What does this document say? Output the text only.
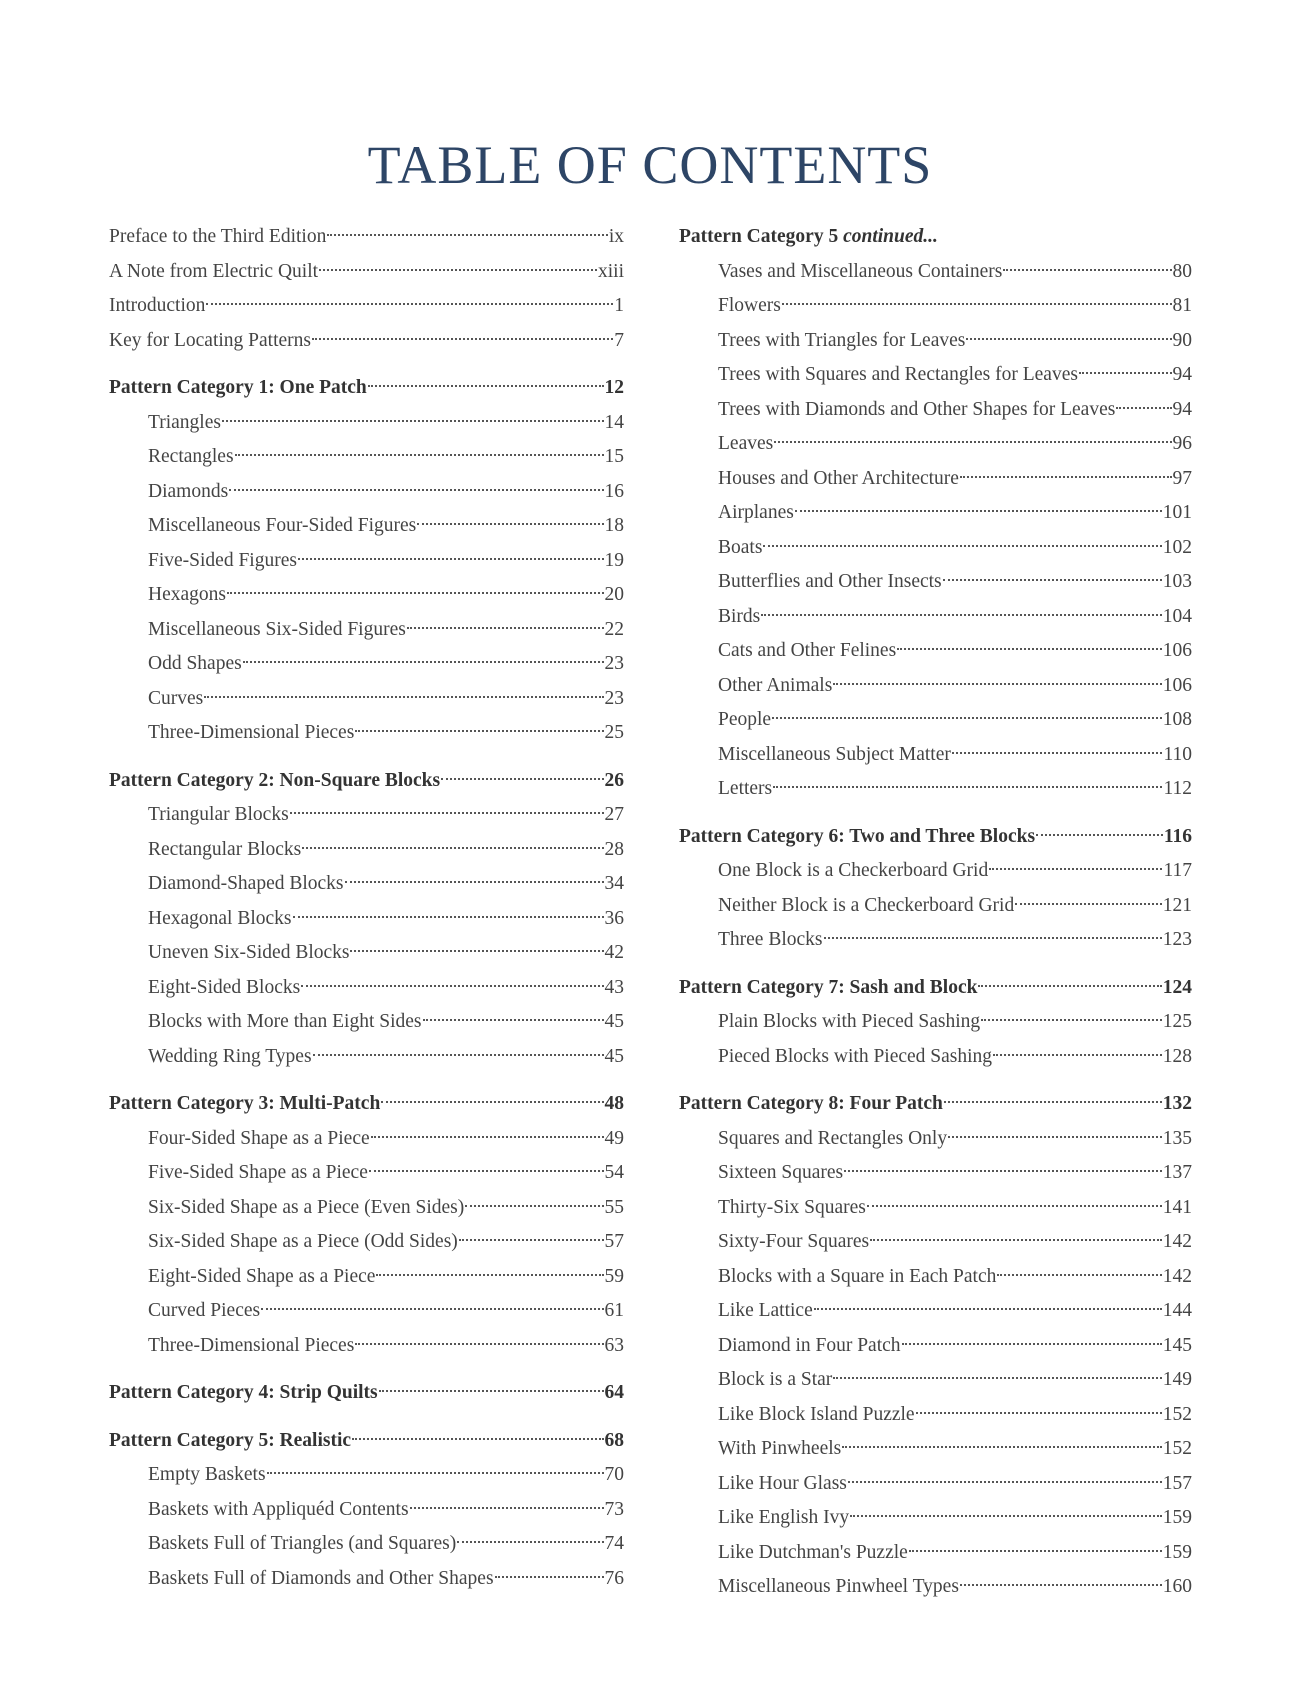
TABLE OF CONTENTS
Preface to the Third Edition	ix
A Note from Electric Quilt	xiii
Introduction	1
Key for Locating Patterns	7
Pattern Category 1: One Patch	12
Triangles	14
Rectangles	15
Diamonds	16
Miscellaneous Four-Sided Figures	18
Five-Sided Figures	19
Hexagons	20
Miscellaneous Six-Sided Figures	22
Odd Shapes	23
Curves	23
Three-Dimensional Pieces	25
Pattern Category 2: Non-Square Blocks	26
Triangular Blocks	27
Rectangular Blocks	28
Diamond-Shaped Blocks	34
Hexagonal Blocks	36
Uneven Six-Sided Blocks	42
Eight-Sided Blocks	43
Blocks with More than Eight Sides	45
Wedding Ring Types	45
Pattern Category 3: Multi-Patch	48
Four-Sided Shape as a Piece	49
Five-Sided Shape as a Piece	54
Six-Sided Shape as a Piece (Even Sides)	55
Six-Sided Shape as a Piece (Odd Sides)	57
Eight-Sided Shape as a Piece	59
Curved Pieces	61
Three-Dimensional Pieces	63
Pattern Category 4: Strip Quilts	64
Pattern Category 5: Realistic	68
Empty Baskets	70
Baskets with Appliquéd Contents	73
Baskets Full of Triangles (and Squares)	74
Baskets Full of Diamonds and Other Shapes	76
Pattern Category 5
continued...
Vases and Miscellaneous Containers	80
Flowers	81
Trees with Triangles for Leaves	90
Trees with Squares and Rectangles for Leaves	94
Trees with Diamonds and Other Shapes for Leaves	94
Leaves	96
Houses and Other Architecture	97
Airplanes	101
Boats	102
Butterflies and Other Insects	103
Birds	104
Cats and Other Felines	106
Other Animals	106
People	108
Miscellaneous Subject Matter	110
Letters	112
Pattern Category 6: Two and Three Blocks	116
One Block is a Checkerboard Grid	117
Neither Block is a Checkerboard Grid	121
Three Blocks	123
Pattern Category 7: Sash and Block	124
Plain Blocks with Pieced Sashing	125
Pieced Blocks with Pieced Sashing	128
Pattern Category 8: Four Patch	132
Squares and Rectangles Only	135
Sixteen Squares	137
Thirty-Six Squares	141
Sixty-Four Squares	142
Blocks with a Square in Each Patch	142
Like Lattice	144
Diamond in Four Patch	145
Block is a Star	149
Like Block Island Puzzle	152
With Pinwheels	152
Like Hour Glass	157
Like English Ivy	159
Like Dutchman's Puzzle	159
Miscellaneous Pinwheel Types	160
